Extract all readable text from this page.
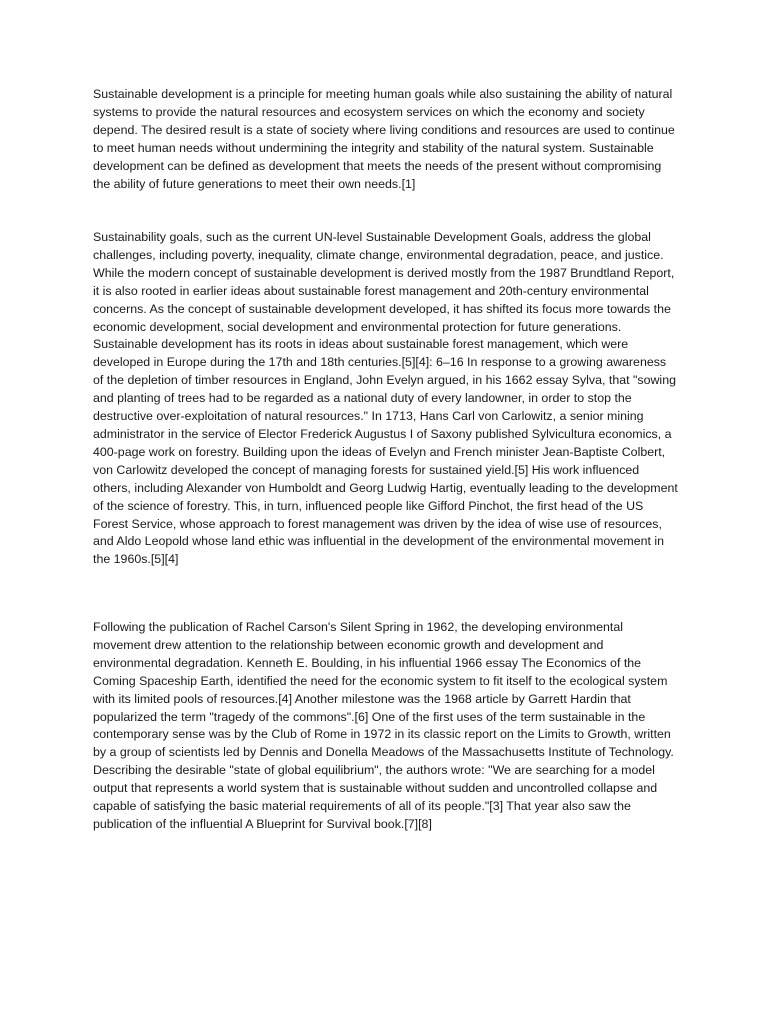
Sustainable development is a principle for meeting human goals while also sustaining the ability of natural systems to provide the natural resources and ecosystem services on which the economy and society depend. The desired result is a state of society where living conditions and resources are used to continue to meet human needs without undermining the integrity and stability of the natural system. Sustainable development can be defined as development that meets the needs of the present without compromising the ability of future generations to meet their own needs.[1]

Sustainability goals, such as the current UN-level Sustainable Development Goals, address the global challenges, including poverty, inequality, climate change, environmental degradation, peace, and justice. While the modern concept of sustainable development is derived mostly from the 1987 Brundtland Report, it is also rooted in earlier ideas about sustainable forest management and 20th-century environmental concerns. As the concept of sustainable development developed, it has shifted its focus more towards the economic development, social development and environmental protection for future generations. Sustainable development has its roots in ideas about sustainable forest management, which were developed in Europe during the 17th and 18th centuries.[5][4]: 6–16 In response to a growing awareness of the depletion of timber resources in England, John Evelyn argued, in his 1662 essay Sylva, that "sowing and planting of trees had to be regarded as a national duty of every landowner, in order to stop the destructive over-exploitation of natural resources." In 1713, Hans Carl von Carlowitz, a senior mining administrator in the service of Elector Frederick Augustus I of Saxony published Sylvicultura economics, a 400-page work on forestry. Building upon the ideas of Evelyn and French minister Jean-Baptiste Colbert, von Carlowitz developed the concept of managing forests for sustained yield.[5] His work influenced others, including Alexander von Humboldt and Georg Ludwig Hartig, eventually leading to the development of the science of forestry. This, in turn, influenced people like Gifford Pinchot, the first head of the US Forest Service, whose approach to forest management was driven by the idea of wise use of resources, and Aldo Leopold whose land ethic was influential in the development of the environmental movement in the 1960s.[5][4]

Following the publication of Rachel Carson's Silent Spring in 1962, the developing environmental movement drew attention to the relationship between economic growth and development and environmental degradation. Kenneth E. Boulding, in his influential 1966 essay The Economics of the Coming Spaceship Earth, identified the need for the economic system to fit itself to the ecological system with its limited pools of resources.[4] Another milestone was the 1968 article by Garrett Hardin that popularized the term "tragedy of the commons".[6] One of the first uses of the term sustainable in the contemporary sense was by the Club of Rome in 1972 in its classic report on the Limits to Growth, written by a group of scientists led by Dennis and Donella Meadows of the Massachusetts Institute of Technology. Describing the desirable "state of global equilibrium", the authors wrote: "We are searching for a model output that represents a world system that is sustainable without sudden and uncontrolled collapse and capable of satisfying the basic material requirements of all of its people."[3] That year also saw the publication of the influential A Blueprint for Survival book.[7][8]
